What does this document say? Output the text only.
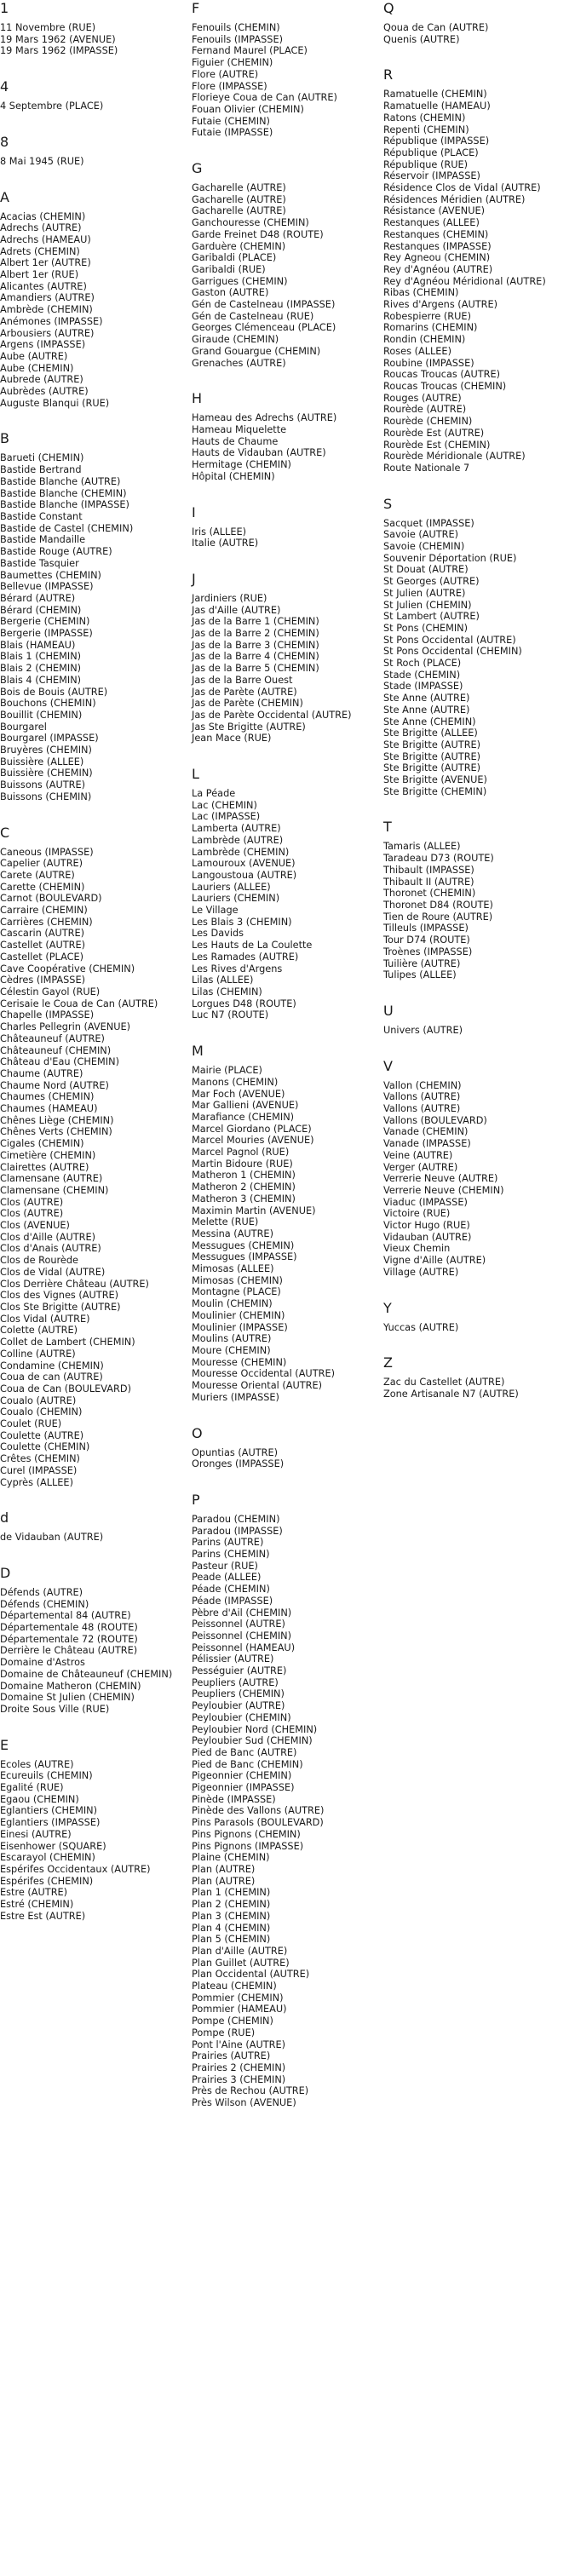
1
11 Novembre (RUE)
19 Mars 1962 (AVENUE)
19 Mars 1962 (IMPASSE)
4
4 Septembre (PLACE)
8
8 Mai 1945 (RUE)
A
Acacias (CHEMIN)
Adrechs (AUTRE)
Adrechs (HAMEAU)
Adrets (CHEMIN)
Albert 1er (AUTRE)
Albert 1er (RUE)
Alicantes (AUTRE)
Amandiers (AUTRE)
Ambrède (CHEMIN)
Anémones (IMPASSE)
Arbousiers (AUTRE)
Argens (IMPASSE)
Aube (AUTRE)
Aube (CHEMIN)
Aubrede (AUTRE)
Aubrèdes (AUTRE)
Auguste Blanqui (RUE)
B
Barueti (CHEMIN)
Bastide Bertrand
Bastide Blanche (AUTRE)
Bastide Blanche (CHEMIN)
Bastide Blanche (IMPASSE)
Bastide Constant
Bastide de Castel (CHEMIN)
Bastide Mandaille
Bastide Rouge (AUTRE)
Bastide Tasquier
Baumettes (CHEMIN)
Bellevue (IMPASSE)
Bérard (AUTRE)
Bérard (CHEMIN)
Bergerie (CHEMIN)
Bergerie (IMPASSE)
Blais (HAMEAU)
Blais 1 (CHEMIN)
Blais 2 (CHEMIN)
Blais 4 (CHEMIN)
Bois de Bouis (AUTRE)
Bouchons (CHEMIN)
Bouillit (CHEMIN)
Bourgarel
Bourgarel (IMPASSE)
Bruyères (CHEMIN)
Buissière (ALLEE)
Buissière (CHEMIN)
Buissons (AUTRE)
Buissons (CHEMIN)
C
Caneous (IMPASSE)
Capelier (AUTRE)
Carete (AUTRE)
Carette (CHEMIN)
Carnot (BOULEVARD)
Carraire (CHEMIN)
Carrières (CHEMIN)
Cascarin (AUTRE)
Castellet (AUTRE)
Castellet (PLACE)
Cave Coopérative (CHEMIN)
Cèdres (IMPASSE)
Célestin Gayol (RUE)
Cerisaie le Coua de Can (AUTRE)
Chapelle (IMPASSE)
Charles Pellegrin (AVENUE)
Châteauneuf (AUTRE)
Châteauneuf (CHEMIN)
Château d'Eau (CHEMIN)
Chaume (AUTRE)
Chaume Nord (AUTRE)
Chaumes (CHEMIN)
Chaumes (HAMEAU)
Chênes Liège (CHEMIN)
Chênes Verts (CHEMIN)
Cigales (CHEMIN)
Cimetière (CHEMIN)
Clairettes (AUTRE)
Clamensane (AUTRE)
Clamensane (CHEMIN)
Clos (AUTRE)
Clos (AUTRE)
Clos (AVENUE)
Clos d'Aille (AUTRE)
Clos d'Anais (AUTRE)
Clos de Rourède
Clos de Vidal (AUTRE)
Clos Derrière Château (AUTRE)
Clos des Vignes (AUTRE)
Clos Ste Brigitte (AUTRE)
Clos Vidal (AUTRE)
Colette (AUTRE)
Collet de Lambert (CHEMIN)
Colline (AUTRE)
Condamine (CHEMIN)
Coua de can (AUTRE)
Coua de Can (BOULEVARD)
Coualo (AUTRE)
Coualo (CHEMIN)
Coulet (RUE)
Coulette (AUTRE)
Coulette (CHEMIN)
Crêtes (CHEMIN)
Curel (IMPASSE)
Cyprès (ALLEE)
d
de Vidauban (AUTRE)
D
Défends (AUTRE)
Défends (CHEMIN)
Départemental 84 (AUTRE)
Départementale 48 (ROUTE)
Départementale 72 (ROUTE)
Derrière le Château (AUTRE)
Domaine d'Astros
Domaine de Châteauneuf (CHEMIN)
Domaine Matheron (CHEMIN)
Domaine St Julien (CHEMIN)
Droite Sous Ville (RUE)
E
Ecoles (AUTRE)
Ecureuils (CHEMIN)
Egalité (RUE)
Egaou (CHEMIN)
Eglantiers (CHEMIN)
Eglantiers (IMPASSE)
Einesi (AUTRE)
Eisenhower (SQUARE)
Escarayol (CHEMIN)
Espérifes Occidentaux (AUTRE)
Espérifes (CHEMIN)
Estre (AUTRE)
Estré (CHEMIN)
Estre Est (AUTRE)
F
Fenouils (CHEMIN)
Fenouils (IMPASSE)
Fernand Maurel (PLACE)
Figuier (CHEMIN)
Flore (AUTRE)
Flore (IMPASSE)
Florieye Coua de Can (AUTRE)
Fouan Olivier (CHEMIN)
Futaie (CHEMIN)
Futaie (IMPASSE)
G
Gacharelle (AUTRE)
Gacharelle (AUTRE)
Gacharelle (AUTRE)
Ganchouresse (CHEMIN)
Garde Freinet D48 (ROUTE)
Garduère (CHEMIN)
Garibaldi (PLACE)
Garibaldi (RUE)
Garrigues (CHEMIN)
Gaston (AUTRE)
Gén de Castelneau (IMPASSE)
Gén de Castelneau (RUE)
Georges Clémenceau (PLACE)
Giraude (CHEMIN)
Grand Gouargue (CHEMIN)
Grenaches (AUTRE)
H
Hameau des Adrechs (AUTRE)
Hameau Miquelette
Hauts de Chaume
Hauts de Vidauban (AUTRE)
Hermitage (CHEMIN)
Hôpital (CHEMIN)
I
Iris (ALLEE)
Italie (AUTRE)
J
Jardiniers (RUE)
Jas d'Aille (AUTRE)
Jas de la Barre 1 (CHEMIN)
Jas de la Barre 2 (CHEMIN)
Jas de la Barre 3 (CHEMIN)
Jas de la Barre 4 (CHEMIN)
Jas de la Barre 5 (CHEMIN)
Jas de la Barre Ouest
Jas de Parète (AUTRE)
Jas de Parète (CHEMIN)
Jas de Parète Occidental (AUTRE)
Jas Ste Brigitte (AUTRE)
Jean Mace (RUE)
L
La Péade
Lac (CHEMIN)
Lac (IMPASSE)
Lamberta (AUTRE)
Lambrède (AUTRE)
Lambrède (CHEMIN)
Lamouroux (AVENUE)
Langoustoua (AUTRE)
Lauriers (ALLEE)
Lauriers (CHEMIN)
Le Village
Les Blais 3 (CHEMIN)
Les Davids
Les Hauts de La Coulette
Les Ramades (AUTRE)
Les Rives d'Argens
Lilas (ALLEE)
Lilas (CHEMIN)
Lorgues D48 (ROUTE)
Luc N7 (ROUTE)
M
Mairie (PLACE)
Manons (CHEMIN)
Mar Foch (AVENUE)
Mar Gallieni (AVENUE)
Marafiance (CHEMIN)
Marcel Giordano (PLACE)
Marcel Mouries (AVENUE)
Marcel Pagnol (RUE)
Martin Bidoure (RUE)
Matheron 1 (CHEMIN)
Matheron 2 (CHEMIN)
Matheron 3 (CHEMIN)
Maximin Martin (AVENUE)
Melette (RUE)
Messina (AUTRE)
Messugues (CHEMIN)
Messugues (IMPASSE)
Mimosas (ALLEE)
Mimosas (CHEMIN)
Montagne (PLACE)
Moulin (CHEMIN)
Moulinier (CHEMIN)
Moulinier (IMPASSE)
Moulins (AUTRE)
Moure (CHEMIN)
Mouresse (CHEMIN)
Mouresse Occidental (AUTRE)
Mouresse Oriental (AUTRE)
Muriers (IMPASSE)
O
Opuntias (AUTRE)
Oronges (IMPASSE)
P
Paradou (CHEMIN)
Paradou (IMPASSE)
Parins (AUTRE)
Parins (CHEMIN)
Pasteur (RUE)
Peade (ALLEE)
Péade (CHEMIN)
Péade (IMPASSE)
Pèbre d'Ail (CHEMIN)
Peissonnel (AUTRE)
Peissonnel (CHEMIN)
Peissonnel (HAMEAU)
Pélissier (AUTRE)
Pességuier (AUTRE)
Peupliers (AUTRE)
Peupliers (CHEMIN)
Peyloubier (AUTRE)
Peyloubier (CHEMIN)
Peyloubier Nord (CHEMIN)
Peyloubier Sud (CHEMIN)
Pied de Banc (AUTRE)
Pied de Banc (CHEMIN)
Pigeonnier (CHEMIN)
Pigeonnier (IMPASSE)
Pinède (IMPASSE)
Pinède des Vallons (AUTRE)
Pins Parasols (BOULEVARD)
Pins Pignons (CHEMIN)
Pins Pignons (IMPASSE)
Plaine (CHEMIN)
Plan (AUTRE)
Plan (AUTRE)
Plan 1 (CHEMIN)
Plan 2 (CHEMIN)
Plan 3 (CHEMIN)
Plan 4 (CHEMIN)
Plan 5 (CHEMIN)
Plan d'Aille (AUTRE)
Plan Guillet (AUTRE)
Plan Occidental (AUTRE)
Plateau (CHEMIN)
Pommier (CHEMIN)
Pommier (HAMEAU)
Pompe (CHEMIN)
Pompe (RUE)
Pont l'Aine (AUTRE)
Prairies (AUTRE)
Prairies 2 (CHEMIN)
Prairies 3 (CHEMIN)
Près de Rechou (AUTRE)
Près Wilson (AVENUE)
Q
Qoua de Can (AUTRE)
Quenis (AUTRE)
R
Ramatuelle (CHEMIN)
Ramatuelle (HAMEAU)
Ratons (CHEMIN)
Repenti (CHEMIN)
République (IMPASSE)
République (PLACE)
République (RUE)
Réservoir (IMPASSE)
Résidence Clos de Vidal (AUTRE)
Résidences Méridien (AUTRE)
Résistance (AVENUE)
Restanques (ALLEE)
Restanques (CHEMIN)
Restanques (IMPASSE)
Rey Agneou (CHEMIN)
Rey d'Agnéou (AUTRE)
Rey d'Agnéou Méridional (AUTRE)
Ribas (CHEMIN)
Rives d'Argens (AUTRE)
Robespierre (RUE)
Romarins (CHEMIN)
Rondin (CHEMIN)
Roses (ALLEE)
Roubine (IMPASSE)
Roucas Troucas (AUTRE)
Roucas Troucas (CHEMIN)
Rouges (AUTRE)
Rourède (AUTRE)
Rourède (CHEMIN)
Rourède Est (AUTRE)
Rourède Est (CHEMIN)
Rourède Méridionale (AUTRE)
Route Nationale 7
S
Sacquet (IMPASSE)
Savoie (AUTRE)
Savoie (CHEMIN)
Souvenir Déportation (RUE)
St Douat (AUTRE)
St Georges (AUTRE)
St Julien (AUTRE)
St Julien (CHEMIN)
St Lambert (AUTRE)
St Pons (CHEMIN)
St Pons Occidental (AUTRE)
St Pons Occidental (CHEMIN)
St Roch (PLACE)
Stade (CHEMIN)
Stade (IMPASSE)
Ste Anne (AUTRE)
Ste Anne (AUTRE)
Ste Anne (CHEMIN)
Ste Brigitte (ALLEE)
Ste Brigitte (AUTRE)
Ste Brigitte (AUTRE)
Ste Brigitte (AUTRE)
Ste Brigitte (AVENUE)
Ste Brigitte (CHEMIN)
T
Tamaris (ALLEE)
Taradeau D73 (ROUTE)
Thibault (IMPASSE)
Thibault II (AUTRE)
Thoronet (CHEMIN)
Thoronet D84 (ROUTE)
Tien de Roure (AUTRE)
Tilleuls (IMPASSE)
Tour D74 (ROUTE)
Troènes (IMPASSE)
Tuilière (AUTRE)
Tulipes (ALLEE)
U
Univers (AUTRE)
V
Vallon (CHEMIN)
Vallons (AUTRE)
Vallons (AUTRE)
Vallons (BOULEVARD)
Vanade (CHEMIN)
Vanade (IMPASSE)
Veine (AUTRE)
Verger (AUTRE)
Verrerie Neuve (AUTRE)
Verrerie Neuve (CHEMIN)
Viaduc (IMPASSE)
Victoire (RUE)
Victor Hugo (RUE)
Vidauban (AUTRE)
Vieux Chemin
Vigne d'Aille (AUTRE)
Village (AUTRE)
Y
Yuccas (AUTRE)
Z
Zac du Castellet (AUTRE)
Zone Artisanale N7 (AUTRE)
